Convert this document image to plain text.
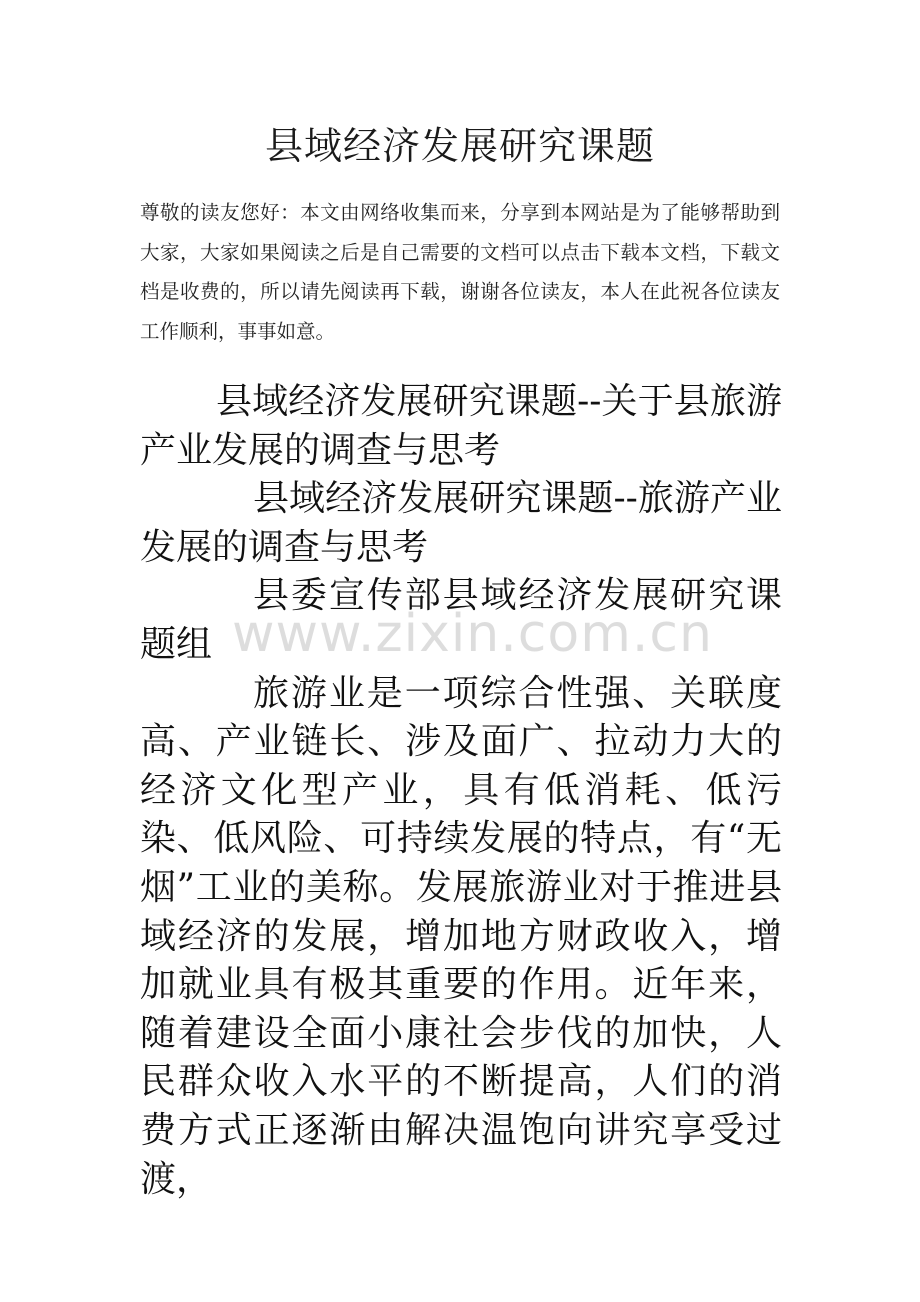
县域经济发展研究课题
尊敬的读友您好：本文由网络收集而来，分享到本网站是为了能够帮助到大家，大家如果阅读之后是自己需要的文档可以点击下载本文档，下载文档是收费的，所以请先阅读再下载，谢谢各位读友，本人在此祝各位读友工作顺利，事事如意。

县域经济发展研究课题--关于县旅游产业发展的调查与思考

县域经济发展研究课题--旅游产业发展的调查与思考

县委宣传部县域经济发展研究课题组

旅游业是一项综合性强、关联度高、产业链长、涉及面广、拉动力大的经济文化型产业，具有低消耗、低污染、低风险、可持续发展的特点，有“无烟”工业的美称。发展旅游业对于推进县域经济的发展，增加地方财政收入，增加就业具有极其重要的作用。近年来，随着建设全面小康社会步伐的加快，人民群众收入水平的不断提高，人们的消费方式正逐渐由解决温饱向讲究享受过渡，

www.zixin.com.cn
